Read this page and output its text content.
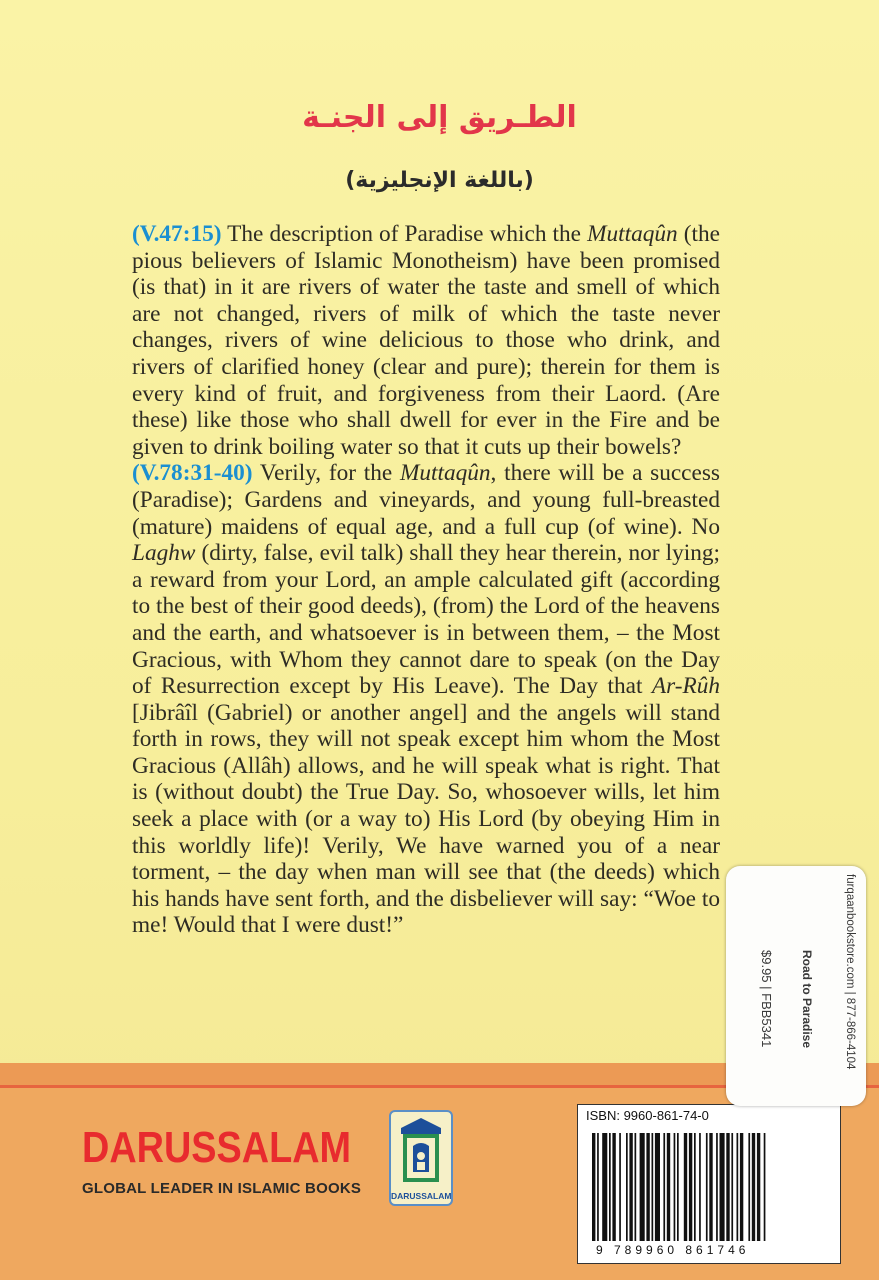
الطـريق إلى الجنـة
(باللغة الإنجليزية)

(V.47:15) The description of Paradise which the Muttaqûn (the pious believers of Islamic Monotheism) have been promised (is that) in it are rivers of water the taste and smell of which are not changed, rivers of milk of which the taste never changes, rivers of wine delicious to those who drink, and rivers of clarified honey (clear and pure); therein for them is every kind of fruit, and forgiveness from their Laord. (Are these) like those who shall dwell for ever in the Fire and be given to drink boiling water so that it cuts up their bowels?

(V.78:31-40) Verily, for the Muttaqûn, there will be a success (Paradise); Gardens and vineyards, and young full-breasted (mature) maidens of equal age, and a full cup (of wine). No Laghw (dirty, false, evil talk) shall they hear therein, nor lying; a reward from your Lord, an ample calculated gift (according to the best of their good deeds), (from) the Lord of the heavens and the earth, and whatsoever is in between them, – the Most Gracious, with Whom they cannot dare to speak (on the Day of Resurrection except by His Leave). The Day that Ar-Rûh [Jibrâîl (Gabriel) or another angel] and the angels will stand forth in rows, they will not speak except him whom the Most Gracious (Allâh) allows, and he will speak what is right. That is (without doubt) the True Day. So, whosoever wills, let him seek a place with (or a way to) His Lord (by obeying Him in this worldly life)! Verily, We have warned you of a near torment, – the day when man will see that (the deeds) which his hands have sent forth, and the disbeliever will say: “Woe to me! Would that I were dust!”

DARUSSALAM
GLOBAL LEADER IN ISLAMIC BOOKS	DARUSSALAM
ISBN: 9960-861-74-0
9 789960 861746
furqaanbookstore.com | 877-866-4104
Road to Paradise
$9.95 | FBB5341
